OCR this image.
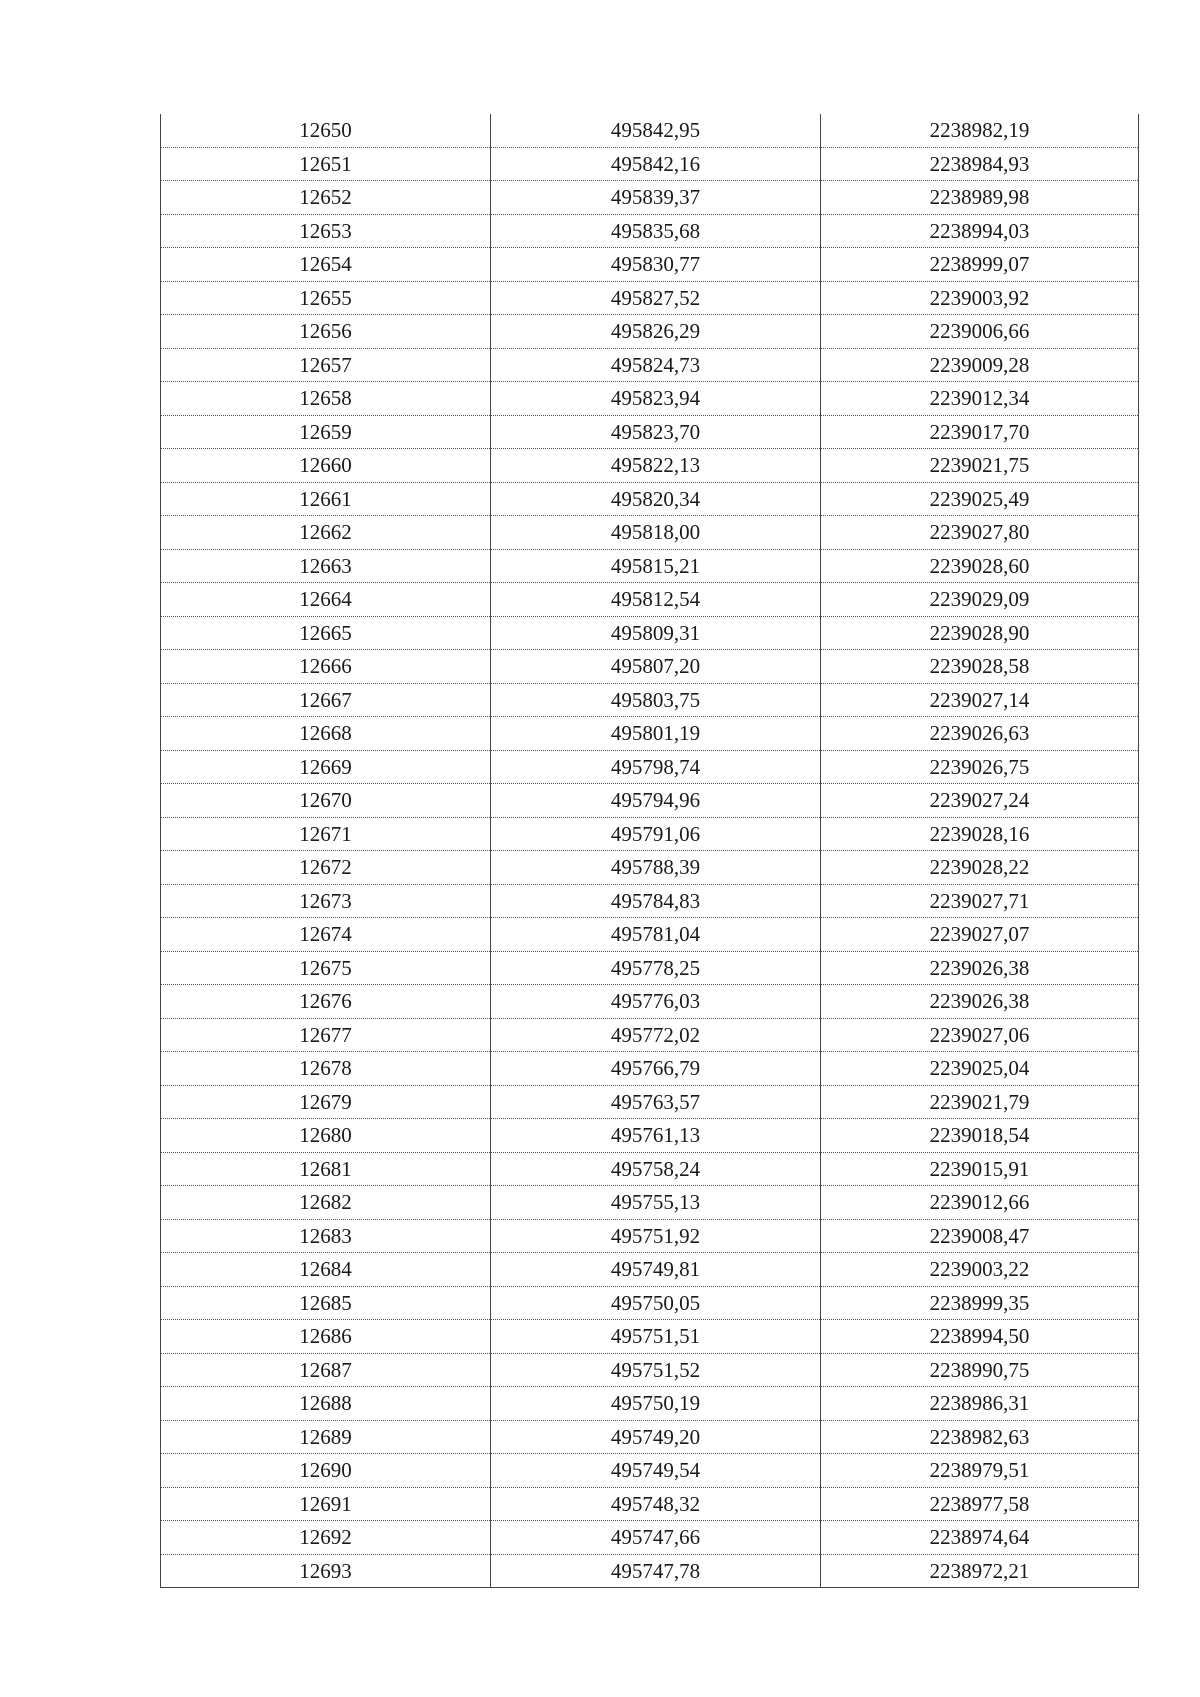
12650	495842,95	2238982,19
12651	495842,16	2238984,93
12652	495839,37	2238989,98
12653	495835,68	2238994,03
12654	495830,77	2238999,07
12655	495827,52	2239003,92
12656	495826,29	2239006,66
12657	495824,73	2239009,28
12658	495823,94	2239012,34
12659	495823,70	2239017,70
12660	495822,13	2239021,75
12661	495820,34	2239025,49
12662	495818,00	2239027,80
12663	495815,21	2239028,60
12664	495812,54	2239029,09
12665	495809,31	2239028,90
12666	495807,20	2239028,58
12667	495803,75	2239027,14
12668	495801,19	2239026,63
12669	495798,74	2239026,75
12670	495794,96	2239027,24
12671	495791,06	2239028,16
12672	495788,39	2239028,22
12673	495784,83	2239027,71
12674	495781,04	2239027,07
12675	495778,25	2239026,38
12676	495776,03	2239026,38
12677	495772,02	2239027,06
12678	495766,79	2239025,04
12679	495763,57	2239021,79
12680	495761,13	2239018,54
12681	495758,24	2239015,91
12682	495755,13	2239012,66
12683	495751,92	2239008,47
12684	495749,81	2239003,22
12685	495750,05	2238999,35
12686	495751,51	2238994,50
12687	495751,52	2238990,75
12688	495750,19	2238986,31
12689	495749,20	2238982,63
12690	495749,54	2238979,51
12691	495748,32	2238977,58
12692	495747,66	2238974,64
12693	495747,78	2238972,21
